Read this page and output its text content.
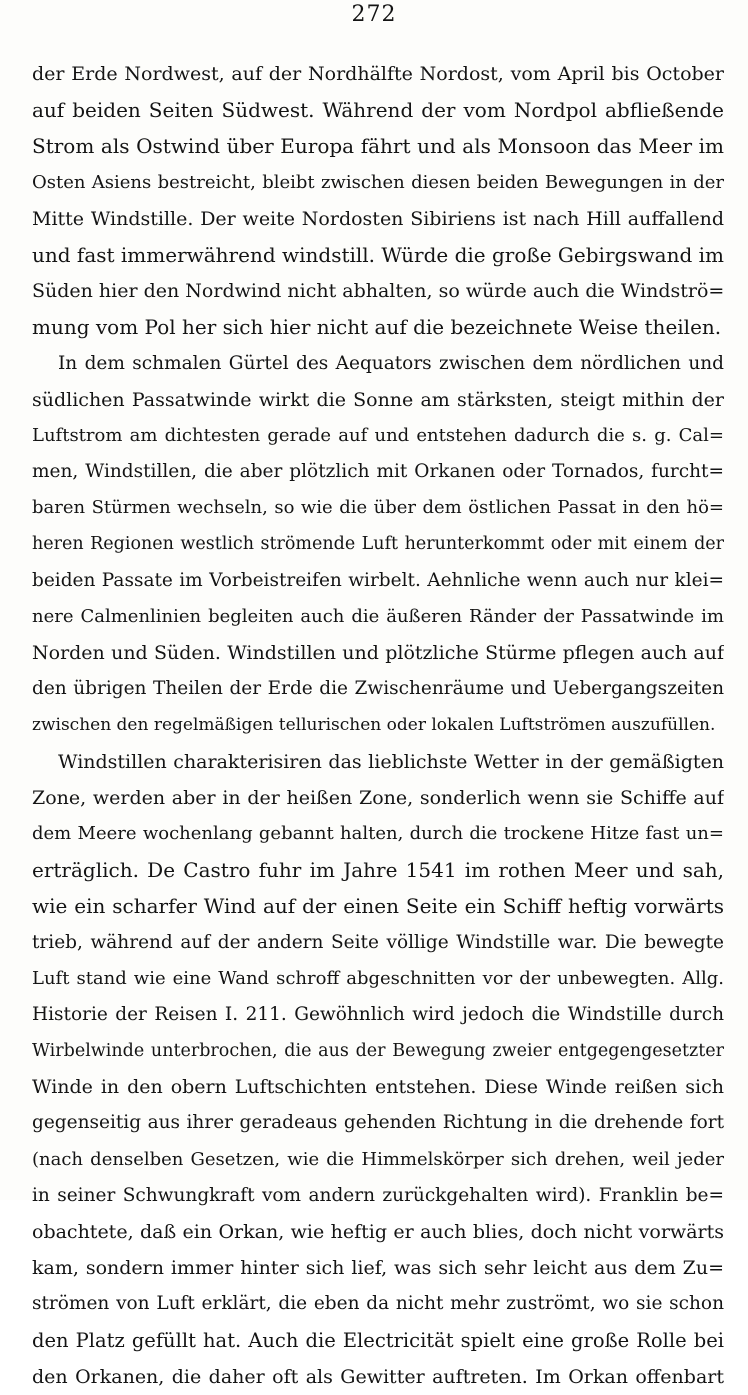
272
der Erde Nordwest, auf der Nordhälfte Nordost, vom April bis October
auf beiden Seiten Südwest. Während der vom Nordpol abfließende
Strom als Ostwind über Europa fährt und als Monsoon das Meer im
Osten Asiens bestreicht, bleibt zwischen diesen beiden Bewegungen in der
Mitte Windstille. Der weite Nordosten Sibiriens ist nach Hill auffallend
und fast immerwährend windstill. Würde die große Gebirgswand im
Süden hier den Nordwind nicht abhalten, so würde auch die Windströ=
mung vom Pol her sich hier nicht auf die bezeichnete Weise theilen.
In dem schmalen Gürtel des Aequators zwischen dem nördlichen und
südlichen Passatwinde wirkt die Sonne am stärksten, steigt mithin der
Luftstrom am dichtesten gerade auf und entstehen dadurch die s. g. Cal=
men, Windstillen, die aber plötzlich mit Orkanen oder Tornados, furcht=
baren Stürmen wechseln, so wie die über dem östlichen Passat in den hö=
heren Regionen westlich strömende Luft herunterkommt oder mit einem der
beiden Passate im Vorbeistreifen wirbelt. Aehnliche wenn auch nur klei=
nere Calmenlinien begleiten auch die äußeren Ränder der Passatwinde im
Norden und Süden. Windstillen und plötzliche Stürme pflegen auch auf
den übrigen Theilen der Erde die Zwischenräume und Uebergangszeiten
zwischen den regelmäßigen tellurischen oder lokalen Luftströmen auszufüllen.
Windstillen charakterisiren das lieblichste Wetter in der gemäßigten
Zone, werden aber in der heißen Zone, sonderlich wenn sie Schiffe auf
dem Meere wochenlang gebannt halten, durch die trockene Hitze fast un=
erträglich. De Castro fuhr im Jahre 1541 im rothen Meer und sah,
wie ein scharfer Wind auf der einen Seite ein Schiff heftig vorwärts
trieb, während auf der andern Seite völlige Windstille war. Die bewegte
Luft stand wie eine Wand schroff abgeschnitten vor der unbewegten. Allg.
Historie der Reisen I. 211. Gewöhnlich wird jedoch die Windstille durch
Wirbelwinde unterbrochen, die aus der Bewegung zweier entgegengesetzter
Winde in den obern Luftschichten entstehen. Diese Winde reißen sich
gegenseitig aus ihrer geradeaus gehenden Richtung in die drehende fort
(nach denselben Gesetzen, wie die Himmelskörper sich drehen, weil jeder
in seiner Schwungkraft vom andern zurückgehalten wird). Franklin be=
obachtete, daß ein Orkan, wie heftig er auch blies, doch nicht vorwärts
kam, sondern immer hinter sich lief, was sich sehr leicht aus dem Zu=
strömen von Luft erklärt, die eben da nicht mehr zuströmt, wo sie schon
den Platz gefüllt hat. Auch die Electricität spielt eine große Rolle bei
den Orkanen, die daher oft als Gewitter auftreten. Im Orkan offenbart
